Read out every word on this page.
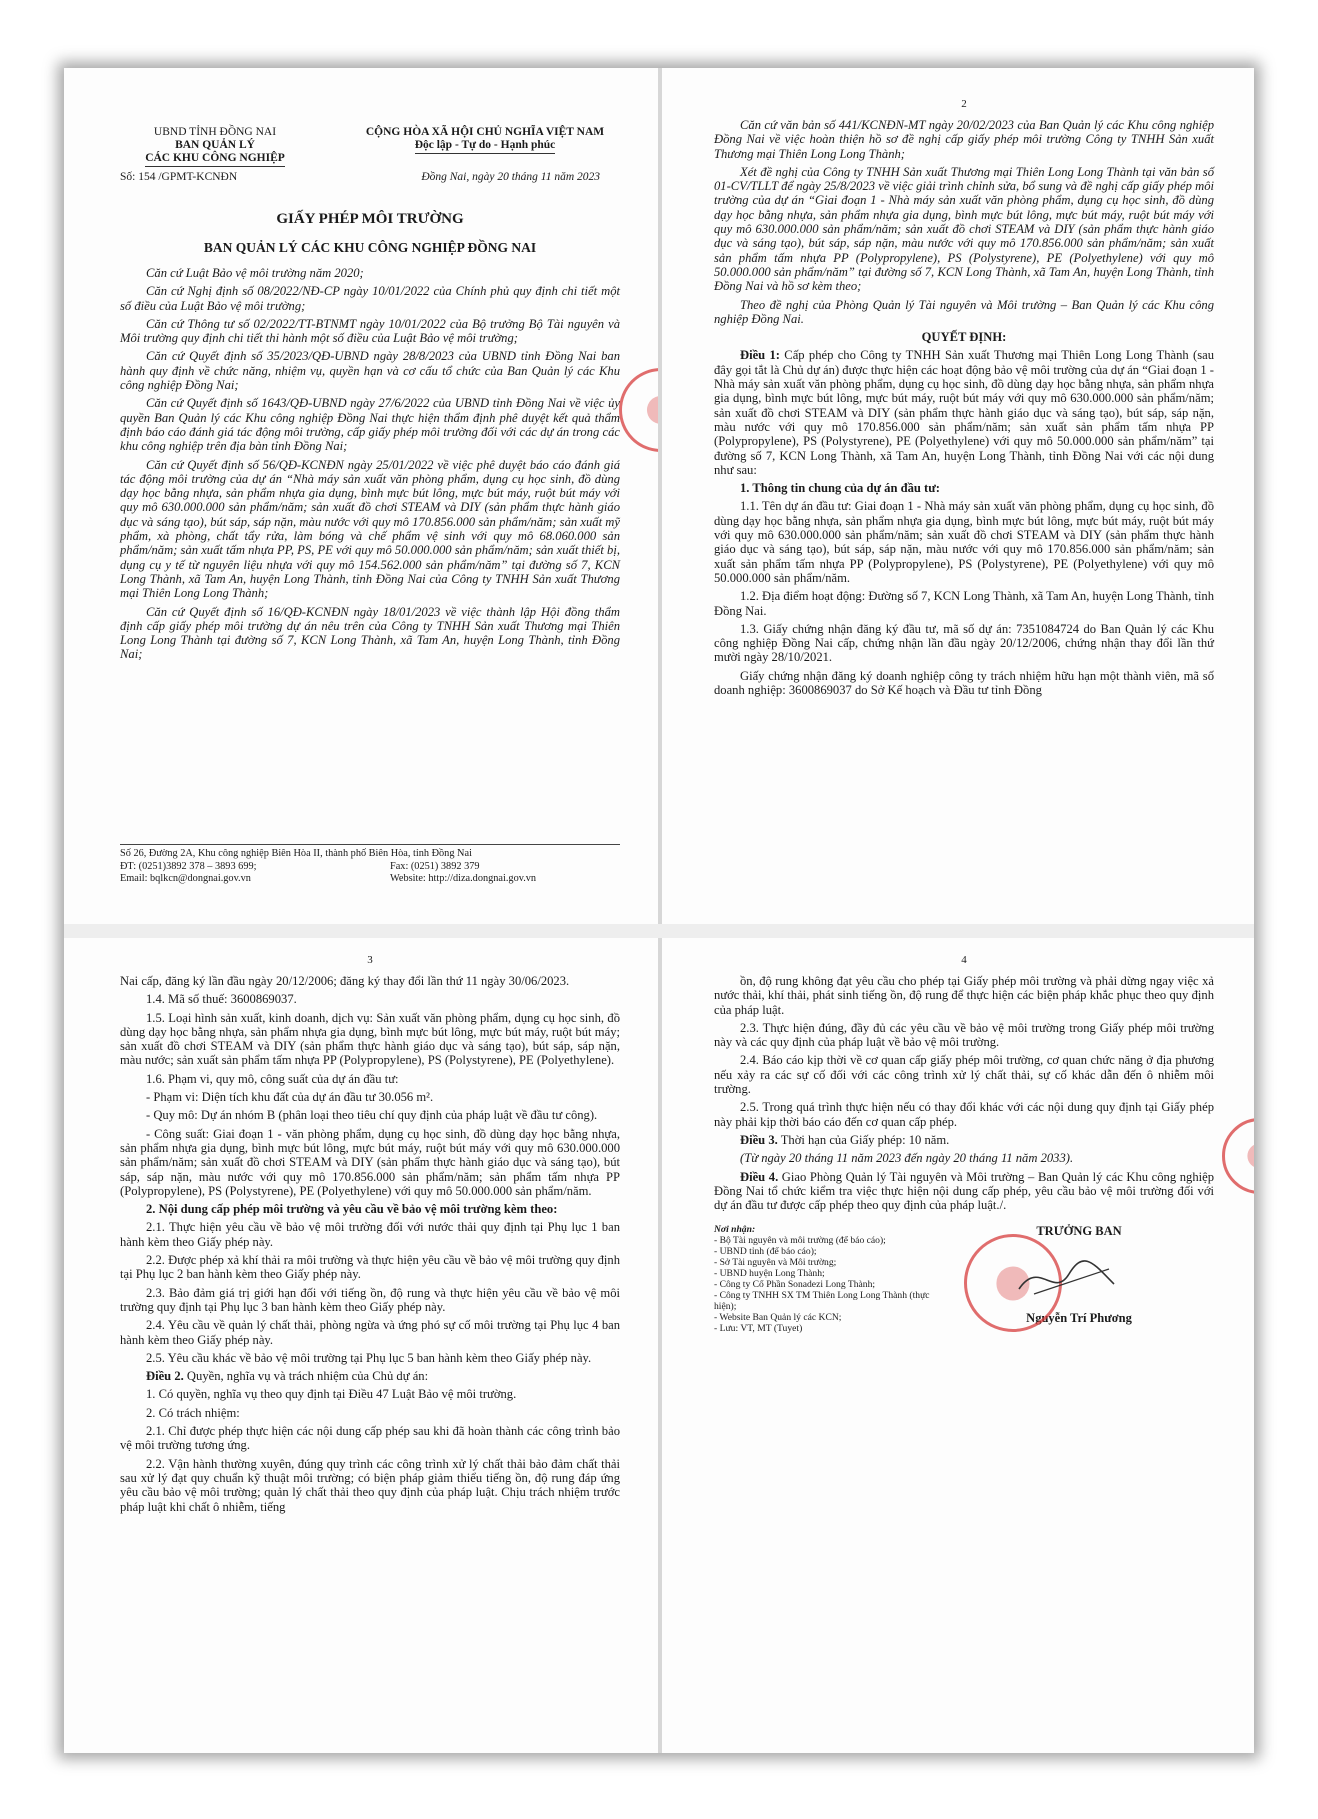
UBND TỈNH ĐỒNG NAI
BAN QUẢN LÝ
CÁC KHU CÔNG NGHIỆP
CỘNG HÒA XÃ HỘI CHỦ NGHĨA VIỆT NAM
Độc lập - Tự do - Hạnh phúc
Số: 154 /GPMT-KCNĐN	Đồng Nai, ngày 20 tháng 11 năm 2023
GIẤY PHÉP MÔI TRƯỜNG
BAN QUẢN LÝ CÁC KHU CÔNG NGHIỆP ĐỒNG NAI

Căn cứ Luật Bảo vệ môi trường năm 2020;

Căn cứ Nghị định số 08/2022/NĐ-CP ngày 10/01/2022 của Chính phủ quy định chi tiết một số điều của Luật Bảo vệ môi trường;

Căn cứ Thông tư số 02/2022/TT-BTNMT ngày 10/01/2022 của Bộ trưởng Bộ Tài nguyên và Môi trường quy định chi tiết thi hành một số điều của Luật Bảo vệ môi trường;

Căn cứ Quyết định số 35/2023/QĐ-UBND ngày 28/8/2023 của UBND tỉnh Đồng Nai ban hành quy định về chức năng, nhiệm vụ, quyền hạn và cơ cấu tổ chức của Ban Quản lý các Khu công nghiệp Đồng Nai;

Căn cứ Quyết định số 1643/QĐ-UBND ngày 27/6/2022 của UBND tỉnh Đồng Nai về việc ủy quyền Ban Quản lý các Khu công nghiệp Đồng Nai thực hiện thẩm định phê duyệt kết quả thẩm định báo cáo đánh giá tác động môi trường, cấp giấy phép môi trường đối với các dự án trong các khu công nghiệp trên địa bàn tỉnh Đồng Nai;

Căn cứ Quyết định số 56/QĐ-KCNĐN ngày 25/01/2022 về việc phê duyệt báo cáo đánh giá tác động môi trường của dự án “Nhà máy sản xuất văn phòng phẩm, dụng cụ học sinh, đồ dùng dạy học bằng nhựa, sản phẩm nhựa gia dụng, bình mực bút lông, mực bút máy, ruột bút máy với quy mô 630.000.000 sản phẩm/năm; sản xuất đồ chơi STEAM và DIY (sản phẩm thực hành giáo dục và sáng tạo), bút sáp, sáp nặn, màu nước với quy mô 170.856.000 sản phẩm/năm; sản xuất mỹ phẩm, xà phòng, chất tẩy rửa, làm bóng và chế phẩm vệ sinh với quy mô 68.060.000 sản phẩm/năm; sản xuất tấm nhựa PP, PS, PE với quy mô 50.000.000 sản phẩm/năm; sản xuất thiết bị, dụng cụ y tế từ nguyên liệu nhựa với quy mô 154.562.000 sản phẩm/năm” tại đường số 7, KCN Long Thành, xã Tam An, huyện Long Thành, tỉnh Đồng Nai của Công ty TNHH Sản xuất Thương mại Thiên Long Long Thành;

Căn cứ Quyết định số 16/QĐ-KCNĐN ngày 18/01/2023 về việc thành lập Hội đồng thẩm định cấp giấy phép môi trường dự án nêu trên của Công ty TNHH Sản xuất Thương mại Thiên Long Long Thành tại đường số 7, KCN Long Thành, xã Tam An, huyện Long Thành, tỉnh Đồng Nai;

Số 26, Đường 2A, Khu công nghiệp Biên Hòa II, thành phố Biên Hòa, tỉnh Đồng Nai
ĐT: (0251)3892 378 – 3893 699;	Fax: (0251) 3892 379
Email: bqlkcn@dongnai.gov.vn	Website: http://diza.dongnai.gov.vn
2

Căn cứ văn bản số 441/KCNĐN-MT ngày 20/02/2023 của Ban Quản lý các Khu công nghiệp Đồng Nai về việc hoàn thiện hồ sơ đề nghị cấp giấy phép môi trường Công ty TNHH Sản xuất Thương mại Thiên Long Long Thành;

Xét đề nghị của Công ty TNHH Sản xuất Thương mại Thiên Long Long Thành tại văn bản số 01-CV/TLLT để ngày 25/8/2023 về việc giải trình chỉnh sửa, bổ sung và đề nghị cấp giấy phép môi trường của dự án “Giai đoạn 1 - Nhà máy sản xuất văn phòng phẩm, dụng cụ học sinh, đồ dùng dạy học bằng nhựa, sản phẩm nhựa gia dụng, bình mực bút lông, mực bút máy, ruột bút máy với quy mô 630.000.000 sản phẩm/năm; sản xuất đồ chơi STEAM và DIY (sản phẩm thực hành giáo dục và sáng tạo), bút sáp, sáp nặn, màu nước với quy mô 170.856.000 sản phẩm/năm; sản xuất sản phẩm tấm nhựa PP (Polypropylene), PS (Polystyrene), PE (Polyethylene) với quy mô 50.000.000 sản phẩm/năm” tại đường số 7, KCN Long Thành, xã Tam An, huyện Long Thành, tỉnh Đồng Nai và hồ sơ kèm theo;

Theo đề nghị của Phòng Quản lý Tài nguyên và Môi trường – Ban Quản lý các Khu công nghiệp Đồng Nai.

QUYẾT ĐỊNH:

Điều 1: Cấp phép cho Công ty TNHH Sản xuất Thương mại Thiên Long Long Thành (sau đây gọi tắt là Chủ dự án) được thực hiện các hoạt động bảo vệ môi trường của dự án “Giai đoạn 1 - Nhà máy sản xuất văn phòng phẩm, dụng cụ học sinh, đồ dùng dạy học bằng nhựa, sản phẩm nhựa gia dụng, bình mực bút lông, mực bút máy, ruột bút máy với quy mô 630.000.000 sản phẩm/năm; sản xuất đồ chơi STEAM và DIY (sản phẩm thực hành giáo dục và sáng tạo), bút sáp, sáp nặn, màu nước với quy mô 170.856.000 sản phẩm/năm; sản xuất sản phẩm tấm nhựa PP (Polypropylene), PS (Polystyrene), PE (Polyethylene) với quy mô 50.000.000 sản phẩm/năm” tại đường số 7, KCN Long Thành, xã Tam An, huyện Long Thành, tỉnh Đồng Nai với các nội dung như sau:

1. Thông tin chung của dự án đầu tư:

1.1. Tên dự án đầu tư: Giai đoạn 1 - Nhà máy sản xuất văn phòng phẩm, dụng cụ học sinh, đồ dùng dạy học bằng nhựa, sản phẩm nhựa gia dụng, bình mực bút lông, mực bút máy, ruột bút máy với quy mô 630.000.000 sản phẩm/năm; sản xuất đồ chơi STEAM và DIY (sản phẩm thực hành giáo dục và sáng tạo), bút sáp, sáp nặn, màu nước với quy mô 170.856.000 sản phẩm/năm; sản xuất sản phẩm tấm nhựa PP (Polypropylene), PS (Polystyrene), PE (Polyethylene) với quy mô 50.000.000 sản phẩm/năm.

1.2. Địa điểm hoạt động: Đường số 7, KCN Long Thành, xã Tam An, huyện Long Thành, tỉnh Đồng Nai.

1.3. Giấy chứng nhận đăng ký đầu tư, mã số dự án: 7351084724 do Ban Quản lý các Khu công nghiệp Đồng Nai cấp, chứng nhận lần đầu ngày 20/12/2006, chứng nhận thay đổi lần thứ mười ngày 28/10/2021.

Giấy chứng nhận đăng ký doanh nghiệp công ty trách nhiệm hữu hạn một thành viên, mã số doanh nghiệp: 3600869037 do Sở Kế hoạch và Đầu tư tỉnh Đồng

3

Nai cấp, đăng ký lần đầu ngày 20/12/2006; đăng ký thay đổi lần thứ 11 ngày 30/06/2023.

1.4. Mã số thuế: 3600869037.

1.5. Loại hình sản xuất, kinh doanh, dịch vụ: Sản xuất văn phòng phẩm, dụng cụ học sinh, đồ dùng dạy học bằng nhựa, sản phẩm nhựa gia dụng, bình mực bút lông, mực bút máy, ruột bút máy; sản xuất đồ chơi STEAM và DIY (sản phẩm thực hành giáo dục và sáng tạo), bút sáp, sáp nặn, màu nước; sản xuất sản phẩm tấm nhựa PP (Polypropylene), PS (Polystyrene), PE (Polyethylene).

1.6. Phạm vi, quy mô, công suất của dự án đầu tư:

- Phạm vi: Diện tích khu đất của dự án đầu tư 30.056 m².

- Quy mô: Dự án nhóm B (phân loại theo tiêu chí quy định của pháp luật về đầu tư công).

- Công suất: Giai đoạn 1 - văn phòng phẩm, dụng cụ học sinh, đồ dùng dạy học bằng nhựa, sản phẩm nhựa gia dụng, bình mực bút lông, mực bút máy, ruột bút máy với quy mô 630.000.000 sản phẩm/năm; sản xuất đồ chơi STEAM và DIY (sản phẩm thực hành giáo dục và sáng tạo), bút sáp, sáp nặn, màu nước với quy mô 170.856.000 sản phẩm/năm; sản phẩm tấm nhựa PP (Polypropylene), PS (Polystyrene), PE (Polyethylene) với quy mô 50.000.000 sản phẩm/năm.

2. Nội dung cấp phép môi trường và yêu cầu về bảo vệ môi trường kèm theo:

2.1. Thực hiện yêu cầu về bảo vệ môi trường đối với nước thải quy định tại Phụ lục 1 ban hành kèm theo Giấy phép này.

2.2. Được phép xả khí thải ra môi trường và thực hiện yêu cầu về bảo vệ môi trường quy định tại Phụ lục 2 ban hành kèm theo Giấy phép này.

2.3. Bảo đảm giá trị giới hạn đối với tiếng ồn, độ rung và thực hiện yêu cầu về bảo vệ môi trường quy định tại Phụ lục 3 ban hành kèm theo Giấy phép này.

2.4. Yêu cầu về quản lý chất thải, phòng ngừa và ứng phó sự cố môi trường tại Phụ lục 4 ban hành kèm theo Giấy phép này.

2.5. Yêu cầu khác về bảo vệ môi trường tại Phụ lục 5 ban hành kèm theo Giấy phép này.

Điều 2. Quyền, nghĩa vụ và trách nhiệm của Chủ dự án:

1. Có quyền, nghĩa vụ theo quy định tại Điều 47 Luật Bảo vệ môi trường.

2. Có trách nhiệm:

2.1. Chỉ được phép thực hiện các nội dung cấp phép sau khi đã hoàn thành các công trình bảo vệ môi trường tương ứng.

2.2. Vận hành thường xuyên, đúng quy trình các công trình xử lý chất thải bảo đảm chất thải sau xử lý đạt quy chuẩn kỹ thuật môi trường; có biện pháp giảm thiểu tiếng ồn, độ rung đáp ứng yêu cầu bảo vệ môi trường; quản lý chất thải theo quy định của pháp luật. Chịu trách nhiệm trước pháp luật khi chất ô nhiễm, tiếng

4

ồn, độ rung không đạt yêu cầu cho phép tại Giấy phép môi trường và phải dừng ngay việc xả nước thải, khí thải, phát sinh tiếng ồn, độ rung để thực hiện các biện pháp khắc phục theo quy định của pháp luật.

2.3. Thực hiện đúng, đầy đủ các yêu cầu về bảo vệ môi trường trong Giấy phép môi trường này và các quy định của pháp luật về bảo vệ môi trường.

2.4. Báo cáo kịp thời về cơ quan cấp giấy phép môi trường, cơ quan chức năng ở địa phương nếu xảy ra các sự cố đối với các công trình xử lý chất thải, sự cố khác dẫn đến ô nhiễm môi trường.

2.5. Trong quá trình thực hiện nếu có thay đổi khác với các nội dung quy định tại Giấy phép này phải kịp thời báo cáo đến cơ quan cấp phép.

Điều 3. Thời hạn của Giấy phép: 10 năm.

(Từ ngày 20 tháng 11 năm 2023 đến ngày 20 tháng 11 năm 2033).

Điều 4. Giao Phòng Quản lý Tài nguyên và Môi trường – Ban Quản lý các Khu công nghiệp Đồng Nai tổ chức kiểm tra việc thực hiện nội dung cấp phép, yêu cầu bảo vệ môi trường đối với dự án đầu tư được cấp phép theo quy định của pháp luật./.

Nơi nhận:
- Bộ Tài nguyên và môi trường (để báo cáo);
- UBND tỉnh (để báo cáo);
- Sở Tài nguyên và Môi trường;
- UBND huyện Long Thành;
- Công ty Cổ Phần Sonadezi Long Thành;
- Công ty TNHH SX TM Thiên Long Long Thành (thực hiện);
- Website Ban Quản lý các KCN;
- Lưu: VT, MT (Tuyet)
TRƯỞNG BAN
Nguyễn Trí Phương
